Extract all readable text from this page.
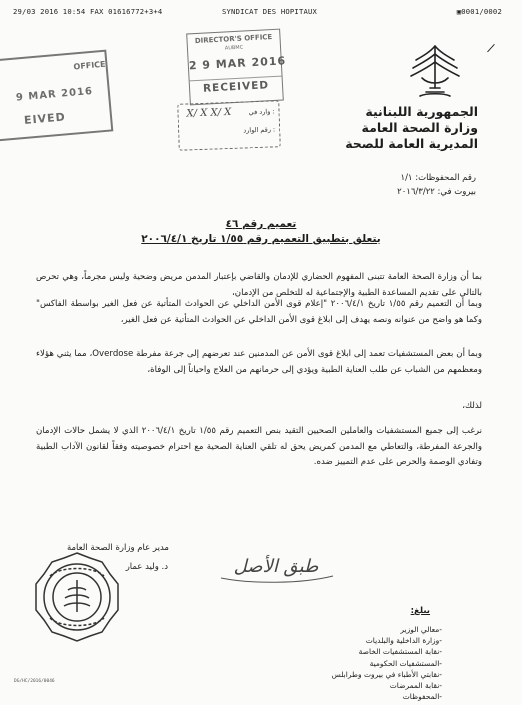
29/03 2016 10:54 FAX 01616772+3+4	SYNDICAT DES HOPITAUX	▣0001/0002
DIRECTOR'S OFFICE
AUBMC
2 9 MAR 2016
RECEIVED
OFFICE
9 MAR 2016
EIVED	X/ X X/ X	وارد في :
رقم الوارد :
/
الجمهورية اللبنانية
وزارة الصحة العامة
المديرية العامة للصحة
رقم المحفوظات: ١/١
بيروت في: ٢٠١٦/٣/٢٢
تعميم رقم ٤٦
يتعلق بتطبيق التعميم رقم ١/٥٥ تاريخ ٢٠٠٦/٤/١
بما أن وزارة الصحة العامة تتبنى المفهوم الحضاري للإدمان والقاضي بإعتبار المدمن مريض وضحية وليس مجرماً، وهي تحرص بالتالي على تقديم المساعدة الطبية والإجتماعية له للتخلص من الإدمان،
وبما أن التعميم رقم ١/٥٥ تاريخ ٢٠٠٦/٤/١ "إعلام قوى الأمن الداخلي عن الحوادث المتأتية عن فعل الغير بواسطة الفاكس" وكما هو واضح من عنوانه ونصه يهدف إلى ابلاغ قوى الأمن الداخلي عن الحوادث المتأتية عن فعل الغير،
وبما أن بعض المستشفيات تعمد إلى ابلاغ قوى الأمن عن المدمنين عند تعرضهم إلى جرعة مفرطة Overdose، مما يثني هؤلاء ومعظمهم من الشباب عن طلب العناية الطبية ويؤدي إلى حرمانهم من العلاج واحياناً إلى الوفاة،
لذلك،
نرغب إلى جميع المستشفيات والعاملين الصحيين التقيد بنص التعميم رقم ١/٥٥ تاريخ ٢٠٠٦/٤/١ الذي لا يشمل حالات الإدمان والجرعة المفرطة، والتعاطي مع المدمن كمريض يحق له تلقي العناية الصحية مع احترام خصوصيته وفقاً لقانون الآداب الطبية وتفادي الوصمة والحرص على عدم التمييز ضده.
مدير عام وزارة الصحة العامة
د. وليد عمار	طبق الأصل
يبلغ:
-معالي الوزير
-وزارة الداخلية والبلديات
-نقابة المستشفيات الخاصة
-المستشفيات الحكومية
-نقابتي الأطباء في بيروت وطرابلس
-نقابة الممرضات
-المحفوظات
DG/HC/2016/0046
